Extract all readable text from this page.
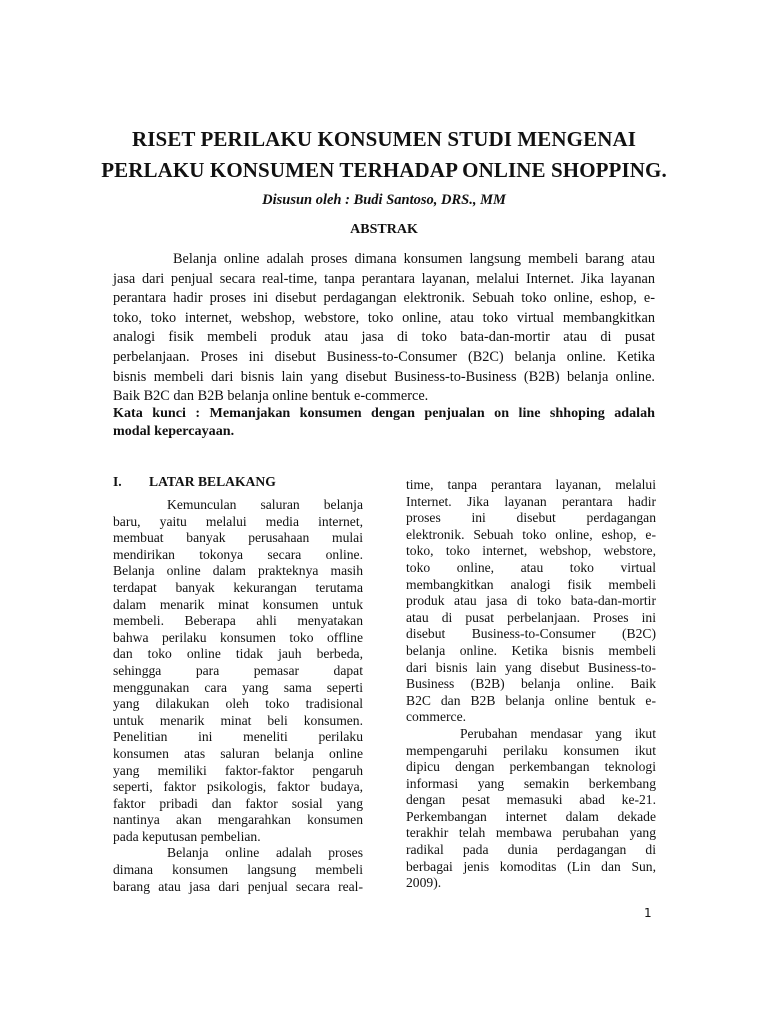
RISET PERILAKU KONSUMEN STUDI MENGENAI
PERLAKU KONSUMEN TERHADAP ONLINE SHOPPING.
Disusun oleh : Budi Santoso, DRS., MM
ABSTRAK
Belanja online adalah proses dimana konsumen langsung membeli barang atau
jasa dari penjual secara real-time, tanpa perantara layanan, melalui Internet. Jika layanan
perantara hadir proses ini disebut perdagangan elektronik. Sebuah toko online, eshop, e-
toko, toko internet, webshop, webstore, toko online, atau toko virtual membangkitkan
analogi fisik membeli produk atau jasa di toko bata-dan-mortir atau di pusat
perbelanjaan. Proses ini disebut Business-to-Consumer (B2C) belanja online. Ketika
bisnis membeli dari bisnis lain yang disebut Business-to-Business (B2B) belanja online.
Baik B2C dan B2B belanja online bentuk e-commerce.
Kata kunci : Memanjakan konsumen dengan penjualan on line shhoping adalah
modal kepercayaan.
I. LATAR BELAKANG
Kemunculan saluran belanja
baru, yaitu melalui media internet,
membuat banyak perusahaan mulai
mendirikan tokonya secara online.
Belanja online dalam prakteknya masih
terdapat banyak kekurangan terutama
dalam menarik minat konsumen untuk
membeli. Beberapa ahli menyatakan
bahwa perilaku konsumen toko offline
dan toko online tidak jauh berbeda,
sehingga para pemasar dapat
menggunakan cara yang sama seperti
yang dilakukan oleh toko tradisional
untuk menarik minat beli konsumen.
Penelitian ini meneliti perilaku
konsumen atas saluran belanja online
yang memiliki faktor-faktor pengaruh
seperti, faktor psikologis, faktor budaya,
faktor pribadi dan faktor sosial yang
nantinya akan mengarahkan konsumen
pada keputusan pembelian.
Belanja online adalah proses
dimana konsumen langsung membeli
barang atau jasa dari penjual secara real-
time, tanpa perantara layanan, melalui
Internet. Jika layanan perantara hadir
proses ini disebut perdagangan
elektronik. Sebuah toko online, eshop, e-
toko, toko internet, webshop, webstore,
toko online, atau toko virtual
membangkitkan analogi fisik membeli
produk atau jasa di toko bata-dan-mortir
atau di pusat perbelanjaan. Proses ini
disebut Business-to-Consumer (B2C)
belanja online. Ketika bisnis membeli
dari bisnis lain yang disebut Business-to-
Business (B2B) belanja online. Baik
B2C dan B2B belanja online bentuk e-
commerce.
Perubahan mendasar yang ikut
mempengaruhi perilaku konsumen ikut
dipicu dengan perkembangan teknologi
informasi yang semakin berkembang
dengan pesat memasuki abad ke-21.
Perkembangan internet dalam dekade
terakhir telah membawa perubahan yang
radikal pada dunia perdagangan di
berbagai jenis komoditas (Lin dan Sun,
2009).
1
